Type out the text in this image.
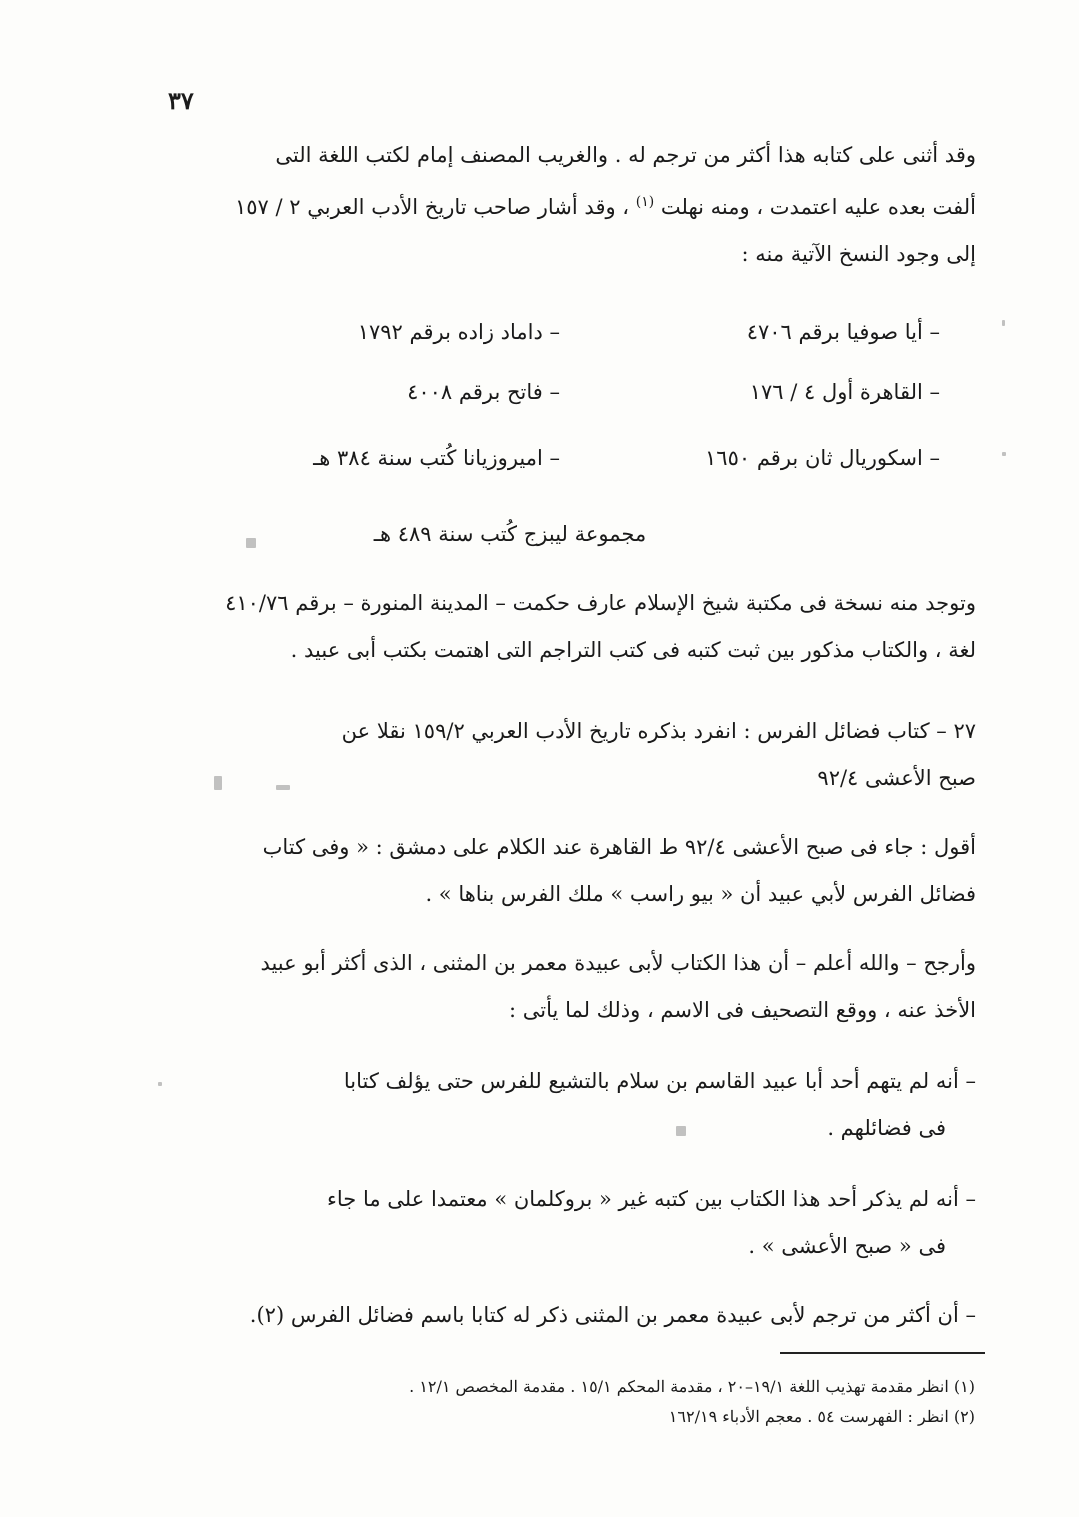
٣٧
وقد أثنى على كتابه هذا أكثر من ترجم له . والغريب المصنف إمام لكتب اللغة التى
ألفت بعده عليه اعتمدت ، ومنه نهلت $^{(١)}$ ، وقد أشار صاحب تاريخ الأدب العربي ٢ / ١٥٧
إلى وجود النسخ الآتية منه :
– أيا صوفيا برقم ٤٧٠٦
– داماد زاده برقم ١٧٩٢
– القاهرة أول ٤ / ١٧٦
– فاتح برقم ٤٠٠٨
– اسكوريال ثان برقم ١٦٥٠
– اميروزيانا كُتب سنة ٣٨٤ هـ
مجموعة ليبزج كُتب سنة ٤٨٩ هـ
وتوجد منه نسخة فى مكتبة شيخ الإسلام عارف حكمت – المدينة المنورة – برقم ٤١٠/٧٦
لغة ، والكتاب مذكور بين ثبت كتبه فى كتب التراجم التى اهتمت بكتب أبى عبيد .
٢٧ – كتاب فضائل الفرس : انفرد بذكره تاريخ الأدب العربي ١٥٩/٢ نقلا عن
صبح الأعشى ٩٢/٤
أقول : جاء فى صبح الأعشى ٩٢/٤ ط القاهرة عند الكلام على دمشق : « وفى كتاب
فضائل الفرس لأبي عبيد أن « بيو راسب » ملك الفرس بناها » .
وأرجح – والله أعلم – أن هذا الكتاب لأبى عبيدة معمر بن المثنى ، الذى أكثر أبو عبيد
الأخذ عنه ، ووقع التصحيف فى الاسم ، وذلك لما يأتى :
– أنه لم يتهم أحد أبا عبيد القاسم بن سلام بالتشيع للفرس حتى يؤلف كتابا
فى فضائلهم .
– أنه لم يذكر أحد هذا الكتاب بين كتبه غير « بروكلمان » معتمدا على ما جاء
فى « صبح الأعشى » .
– أن أكثر من ترجم لأبى عبيدة معمر بن المثنى ذكر له كتابا باسم فضائل الفرس (٢).
(١) انظر مقدمة تهذيب اللغة ١٩/١–٢٠ ، مقدمة المحكم ١٥/١ . مقدمة المخصص ١٢/١ .
(٢) انظر : الفهرست ٥٤ . معجم الأدباء ١٦٢/١٩
